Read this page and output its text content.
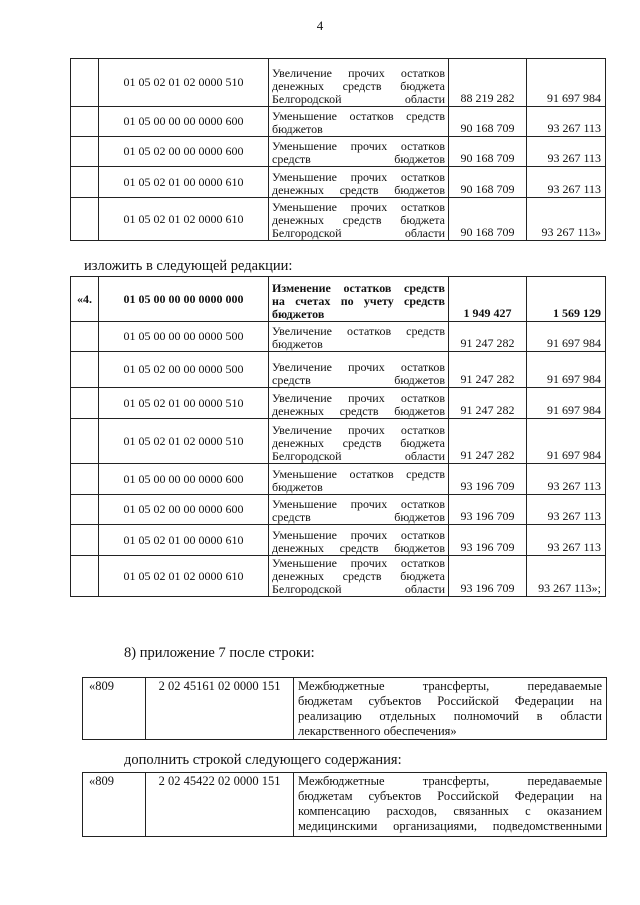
4
	01 05 02 01 02 0000 510	Увеличение прочих остатков
денежных средств бюджета
Белгородской области	88 219 282	91 697 984
	01 05 00 00 00 0000 600	Уменьшение остатков средств
бюджетов	90 168 709	93 267 113
	01 05 02 00 00 0000 600	Уменьшение прочих остатков
средств бюджетов	90 168 709	93 267 113
	01 05 02 01 00 0000 610	Уменьшение прочих остатков
денежных средств бюджетов	90 168 709	93 267 113
	01 05 02 01 02 0000 610	Уменьшение прочих остатков
денежных средств бюджета
Белгородской области	90 168 709	93 267 113»
изложить в следующей редакции:
«4.	01 05 00 00 00 0000 000	Изменение остатков средств
на счетах по учету средств
бюджетов	1 949 427	1 569 129
	01 05 00 00 00 0000 500	Увеличение остатков средств
бюджетов	91 247 282	91 697 984
	01 05 02 00 00 0000 500	Увеличение прочих остатков
средств бюджетов	91 247 282	91 697 984
	01 05 02 01 00 0000 510	Увеличение прочих остатков
денежных средств бюджетов	91 247 282	91 697 984
	01 05 02 01 02 0000 510	Увеличение прочих остатков
денежных средств бюджета
Белгородской области	91 247 282	91 697 984
	01 05 00 00 00 0000 600	Уменьшение остатков средств
бюджетов	93 196 709	93 267 113
	01 05 02 00 00 0000 600	Уменьшение прочих остатков
средств бюджетов	93 196 709	93 267 113
	01 05 02 01 00 0000 610	Уменьшение прочих остатков
денежных средств бюджетов	93 196 709	93 267 113
	01 05 02 01 02 0000 610	Уменьшение прочих остатков
денежных средств бюджета
Белгородской области	93 196 709	93 267 113»;
8) приложение 7 после строки:
«809	2 02 45161 02 0000 151	Межбюджетные трансферты, передаваемые
бюджетам субъектов Российской Федерации на
реализацию отдельных полномочий в области
лекарственного обеспечения»
дополнить строкой следующего содержания:
«809	2 02 45422 02 0000 151	Межбюджетные трансферты, передаваемые
бюджетам субъектов Российской Федерации на
компенсацию расходов, связанных с оказанием
медицинскими организациями, подведомственными
